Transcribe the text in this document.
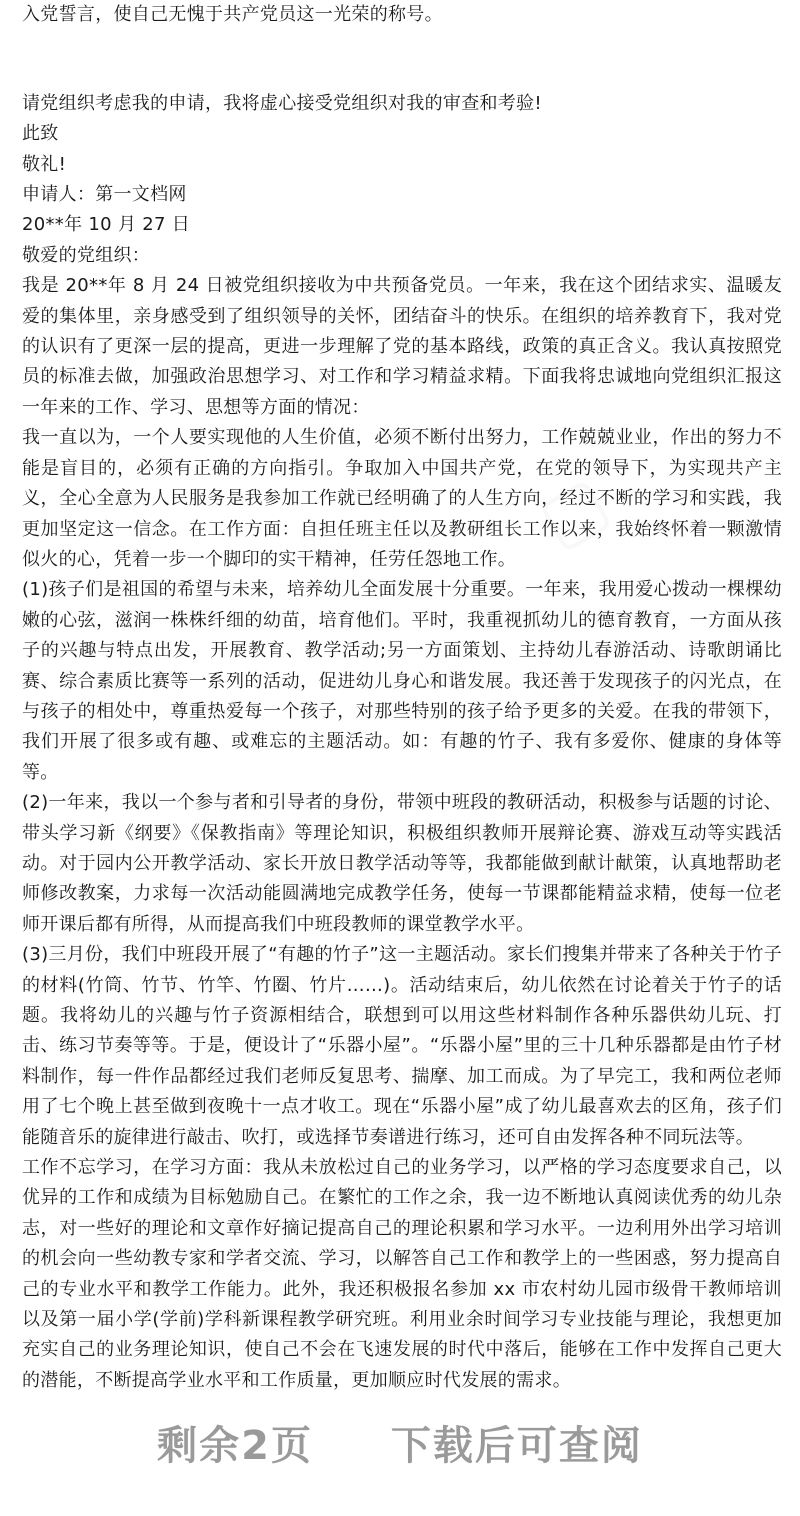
▢

入党誓言，使自己无愧于共产党员这一光荣的称号。

请党组织考虑我的申请，我将虚心接受党组织对我的审查和考验!

此致

敬礼!

申请人：第一文档网

20**年 10 月 27 日

敬爱的党组织：

我是 20**年 8 月 24 日被党组织接收为中共预备党员。一年来，我在这个团结求实、温暖友爱的集体里，亲身感受到了组织领导的关怀，团结奋斗的快乐。在组织的培养教育下，我对党的认识有了更深一层的提高，更进一步理解了党的基本路线，政策的真正含义。我认真按照党员的标准去做，加强政治思想学习、对工作和学习精益求精。下面我将忠诚地向党组织汇报这一年来的工作、学习、思想等方面的情况：

我一直以为，一个人要实现他的人生价值，必须不断付出努力，工作兢兢业业，作出的努力不能是盲目的，必须有正确的方向指引。争取加入中国共产党，在党的领导下，为实现共产主义，全心全意为人民服务是我参加工作就已经明确了的人生方向，经过不断的学习和实践，我更加坚定这一信念。在工作方面：自担任班主任以及教研组长工作以来，我始终怀着一颗激情似火的心，凭着一步一个脚印的实干精神，任劳任怨地工作。

(1)孩子们是祖国的希望与未来，培养幼儿全面发展十分重要。一年来，我用爱心拨动一棵棵幼嫩的心弦，滋润一株株纤细的幼苗，培育他们。平时，我重视抓幼儿的德育教育，一方面从孩子的兴趣与特点出发，开展教育、教学活动;另一方面策划、主持幼儿春游活动、诗歌朗诵比赛、综合素质比赛等一系列的活动，促进幼儿身心和谐发展。我还善于发现孩子的闪光点，在与孩子的相处中，尊重热爱每一个孩子，对那些特别的孩子给予更多的关爱。在我的带领下，我们开展了很多或有趣、或难忘的主题活动。如：有趣的竹子、我有多爱你、健康的身体等等。

(2)一年来，我以一个参与者和引导者的身份，带领中班段的教研活动，积极参与话题的讨论、带头学习新《纲要》《保教指南》等理论知识，积极组织教师开展辩论赛、游戏互动等实践活动。对于园内公开教学活动、家长开放日教学活动等等，我都能做到献计献策，认真地帮助老师修改教案，力求每一次活动能圆满地完成教学任务，使每一节课都能精益求精，使每一位老师开课后都有所得，从而提高我们中班段教师的课堂教学水平。

(3)三月份，我们中班段开展了“有趣的竹子”这一主题活动。家长们搜集并带来了各种关于竹子的材料(竹筒、竹节、竹竿、竹圈、竹片……)。活动结束后，幼儿依然在讨论着关于竹子的话题。我将幼儿的兴趣与竹子资源相结合，联想到可以用这些材料制作各种乐器供幼儿玩、打击、练习节奏等等。于是，便设计了“乐器小屋”。“乐器小屋”里的三十几种乐器都是由竹子材料制作，每一件作品都经过我们老师反复思考、揣摩、加工而成。为了早完工，我和两位老师用了七个晚上甚至做到夜晚十一点才收工。现在“乐器小屋”成了幼儿最喜欢去的区角，孩子们能随音乐的旋律进行敲击、吹打，或选择节奏谱进行练习，还可自由发挥各种不同玩法等。

工作不忘学习，在学习方面：我从未放松过自己的业务学习，以严格的学习态度要求自己，以优异的工作和成绩为目标勉励自己。在繁忙的工作之余，我一边不断地认真阅读优秀的幼儿杂志，对一些好的理论和文章作好摘记提高自己的理论积累和学习水平。一边利用外出学习培训的机会向一些幼教专家和学者交流、学习，以解答自己工作和教学上的一些困惑，努力提高自己的专业水平和教学工作能力。此外，我还积极报名参加 xx 市农村幼儿园市级骨干教师培训以及第一届小学(学前)学科新课程教学研究班。利用业余时间学习专业技能与理论，我想更加充实自己的业务理论知识，使自己不会在飞速发展的时代中落后，能够在工作中发挥自己更大的潜能，不断提高学业水平和工作质量，更加顺应时代发展的需求。

剩余2页 下载后可查阅
